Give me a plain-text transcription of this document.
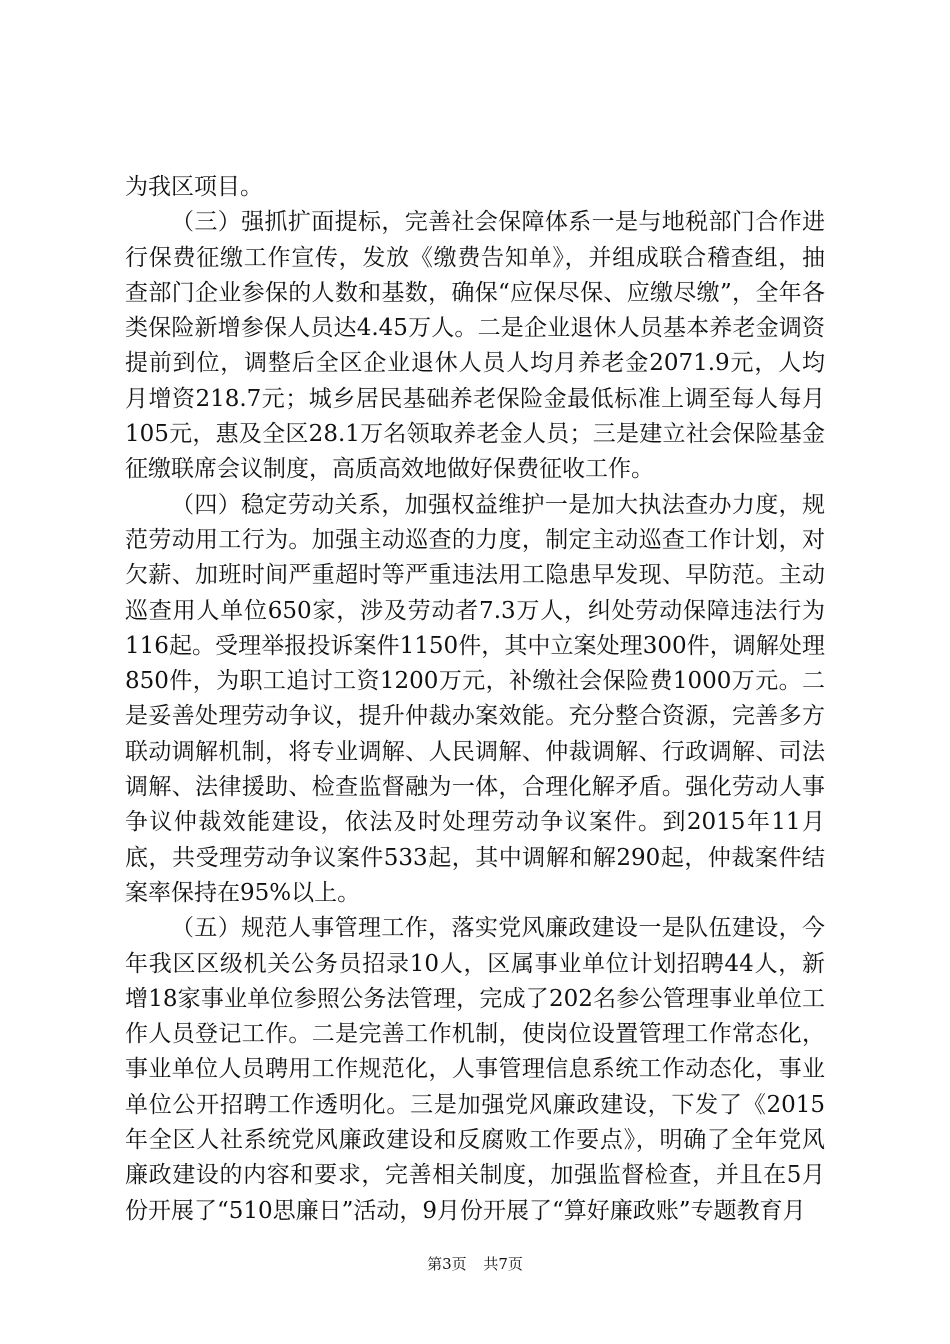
为我区项目。

（三）强抓扩面提标，完善社会保障体系一是与地税部门合作进行保费征缴工作宣传，发放《缴费告知单》，并组成联合稽查组，抽查部门企业参保的人数和基数，确保“应保尽保、应缴尽缴”，全年各类保险新增参保人员达4.45万人。二是企业退休人员基本养老金调资提前到位，调整后全区企业退休人员人均月养老金2071.9元，人均月增资218.7元；城乡居民基础养老保险金最低标准上调至每人每月105元，惠及全区28.1万名领取养老金人员；三是建立社会保险基金征缴联席会议制度，高质高效地做好保费征收工作。

（四）稳定劳动关系，加强权益维护一是加大执法查办力度，规范劳动用工行为。加强主动巡查的力度，制定主动巡查工作计划，对欠薪、加班时间严重超时等严重违法用工隐患早发现、早防范。主动巡查用人单位650家，涉及劳动者7.3万人，纠处劳动保障违法行为116起。受理举报投诉案件1150件，其中立案处理300件，调解处理850件，为职工追讨工资1200万元，补缴社会保险费1000万元。二是妥善处理劳动争议，提升仲裁办案效能。充分整合资源，完善多方联动调解机制，将专业调解、人民调解、仲裁调解、行政调解、司法调解、法律援助、检查监督融为一体，合理化解矛盾。强化劳动人事争议仲裁效能建设，依法及时处理劳动争议案件。到2015年11月底，共受理劳动争议案件533起，其中调解和解290起，仲裁案件结案率保持在95%以上。

（五）规范人事管理工作，落实党风廉政建设一是队伍建设，今年我区区级机关公务员招录10人，区属事业单位计划招聘44人，新增18家事业单位参照公务法管理，完成了202名参公管理事业单位工作人员登记工作。二是完善工作机制，使岗位设置管理工作常态化，事业单位人员聘用工作规范化，人事管理信息系统工作动态化，事业单位公开招聘工作透明化。三是加强党风廉政建设，下发了《2015年全区人社系统党风廉政建设和反腐败工作要点》，明确了全年党风廉政建设的内容和要求，完善相关制度，加强监督检查，并且在5月份开展了“510思廉日”活动，9月份开展了“算好廉政账”专题教育月

第3页 共7页
